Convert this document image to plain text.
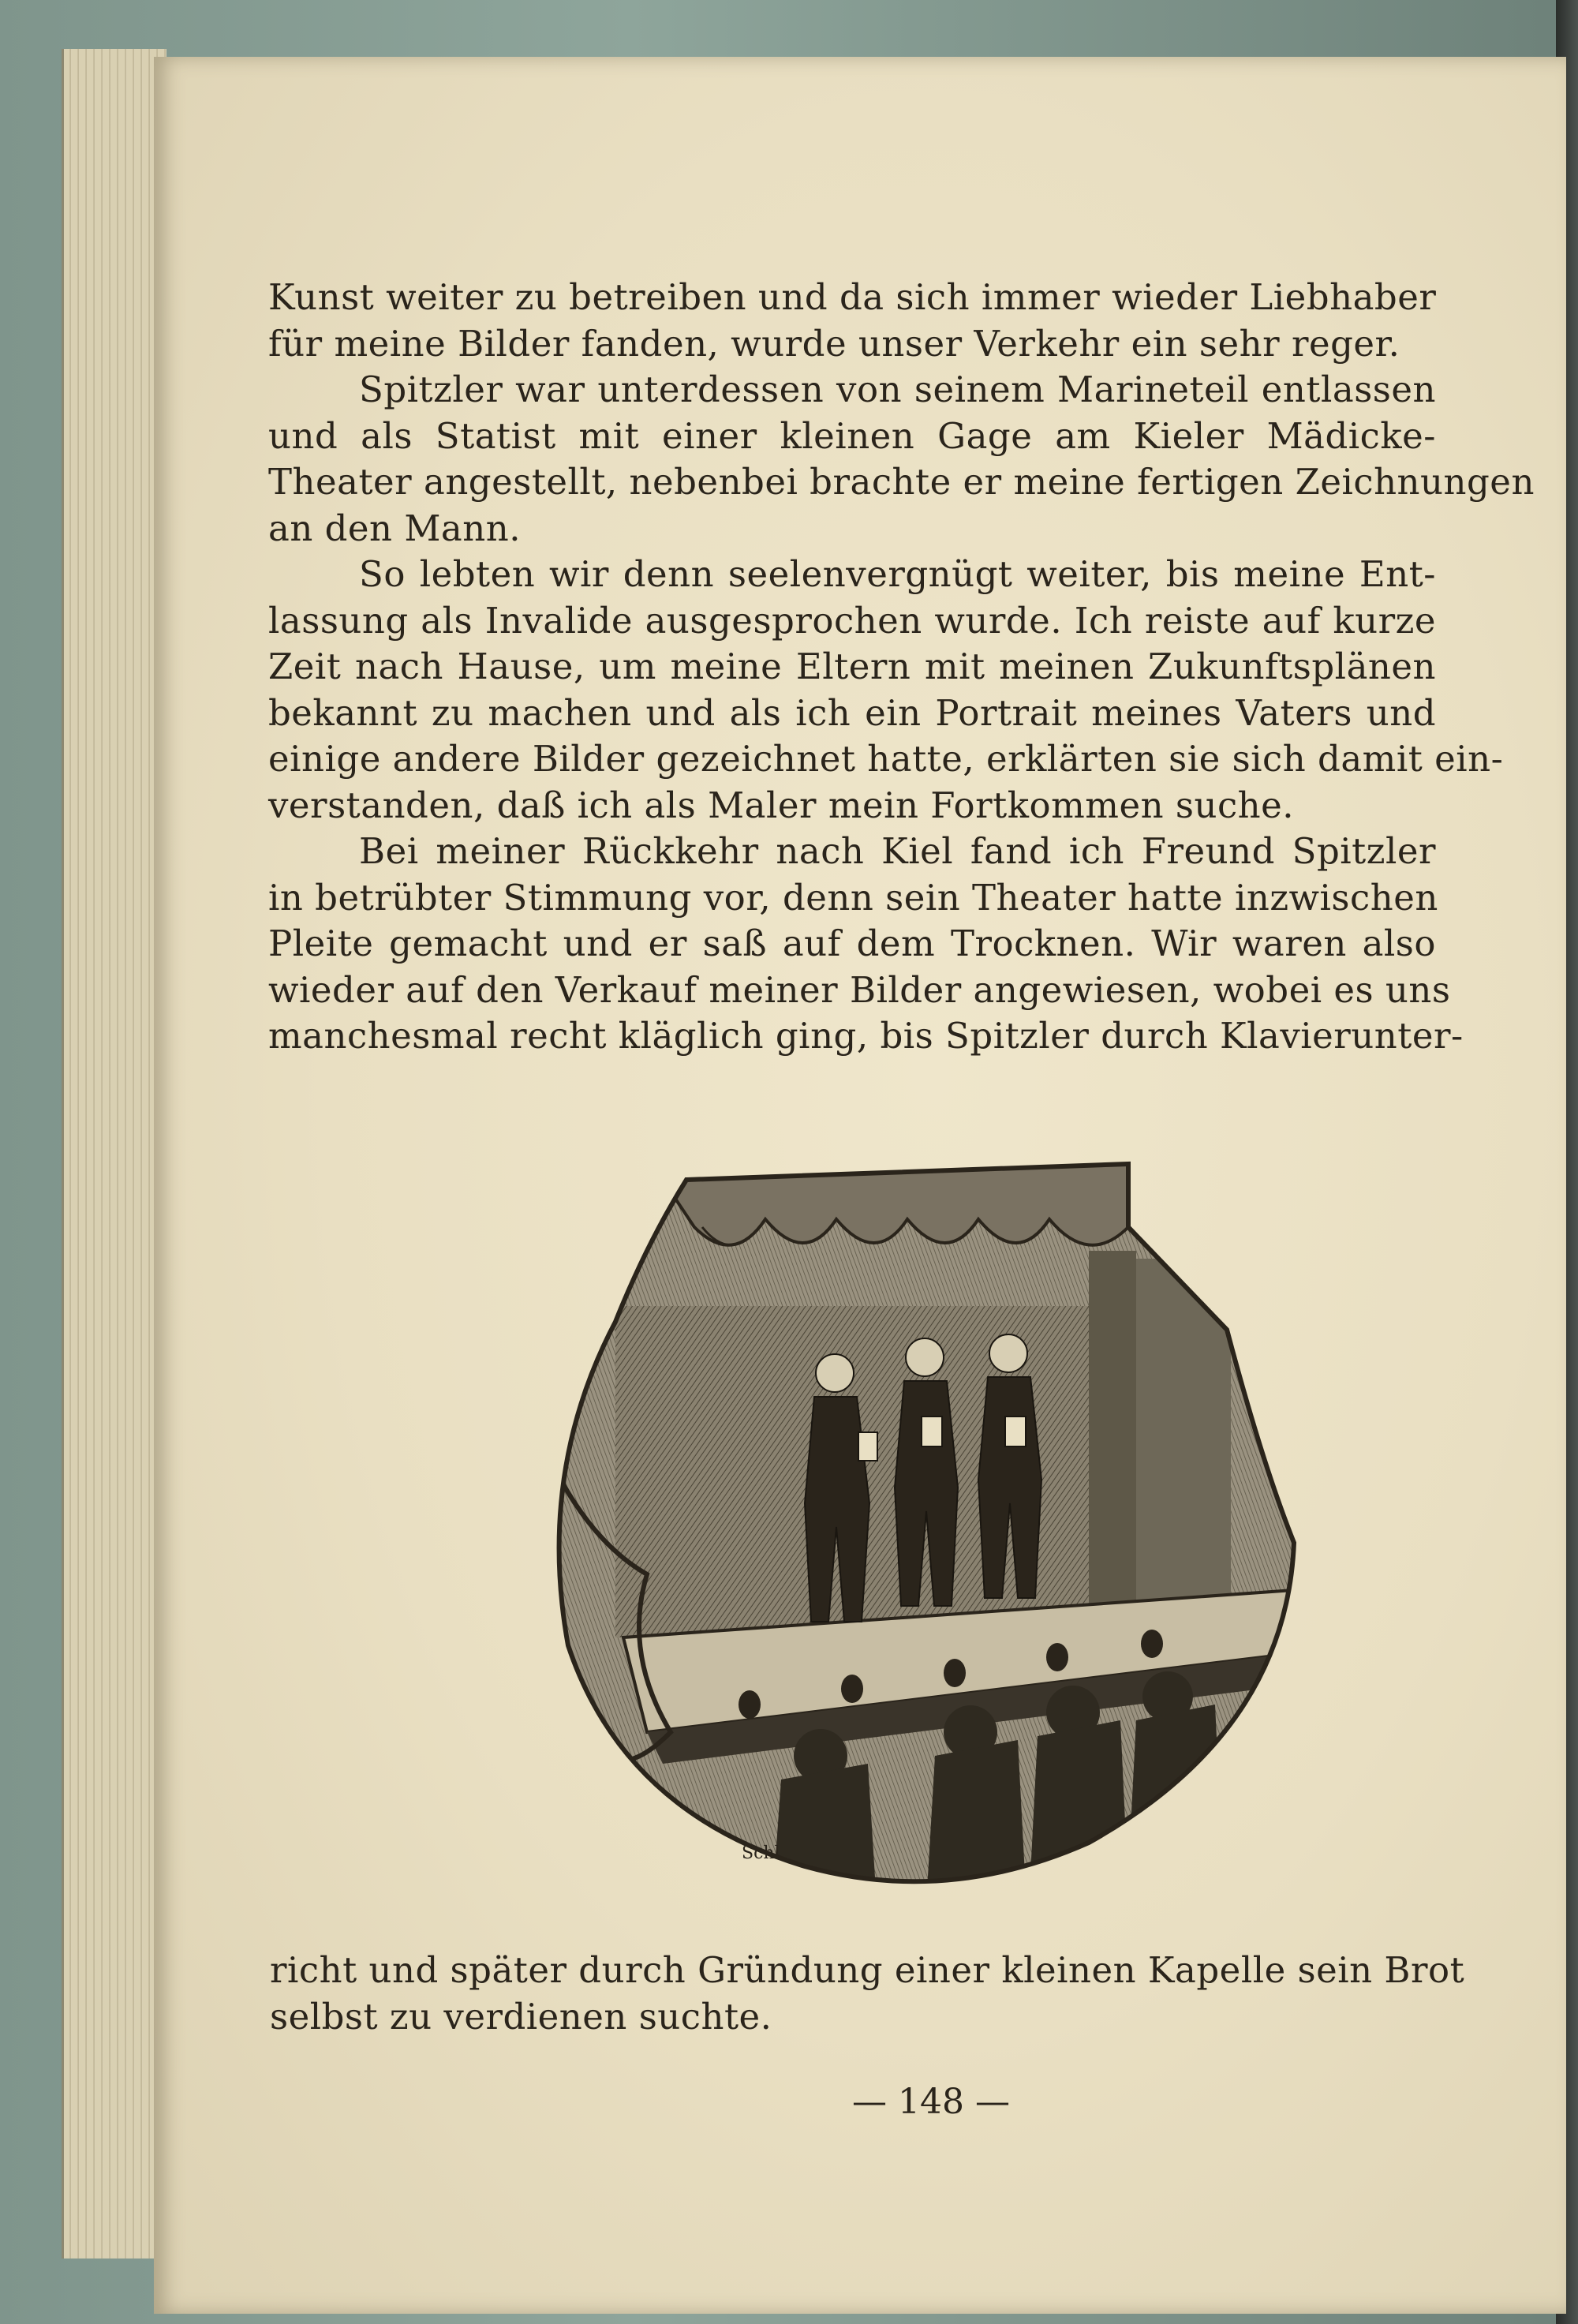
Kunst weiter zu betreiben und da sich immer wieder Liebhaber
für meine Bilder fanden, wurde unser Verkehr ein sehr reger.
Spitzler war unterdessen von seinem Marineteil entlassen
und als Statist mit einer kleinen Gage am Kieler Mädicke-
Theater angestellt, nebenbei brachte er meine fertigen Zeichnungen
an den Mann.
So lebten wir denn seelenvergnügt weiter, bis meine Ent-
lassung als Invalide ausgesprochen wurde. Ich reiste auf kurze
Zeit nach Hause, um meine Eltern mit meinen Zukunftsplänen
bekannt zu machen und als ich ein Portrait meines Vaters und
einige andere Bilder gezeichnet hatte, erklärten sie sich damit ein-
verstanden, daß ich als Maler mein Fortkommen suche.
Bei meiner Rückkehr nach Kiel fand ich Freund Spitzler
in betrübter Stimmung vor, denn sein Theater hatte inzwischen
Pleite gemacht und er saß auf dem Trocknen. Wir waren also
wieder auf den Verkauf meiner Bilder angewiesen, wobei es uns
manchesmal recht kläglich ging, bis Spitzler durch Klavierunter-
Schl.
richt und später durch Gründung einer kleinen Kapelle sein Brot
selbst zu verdienen suchte.
— 148 —
